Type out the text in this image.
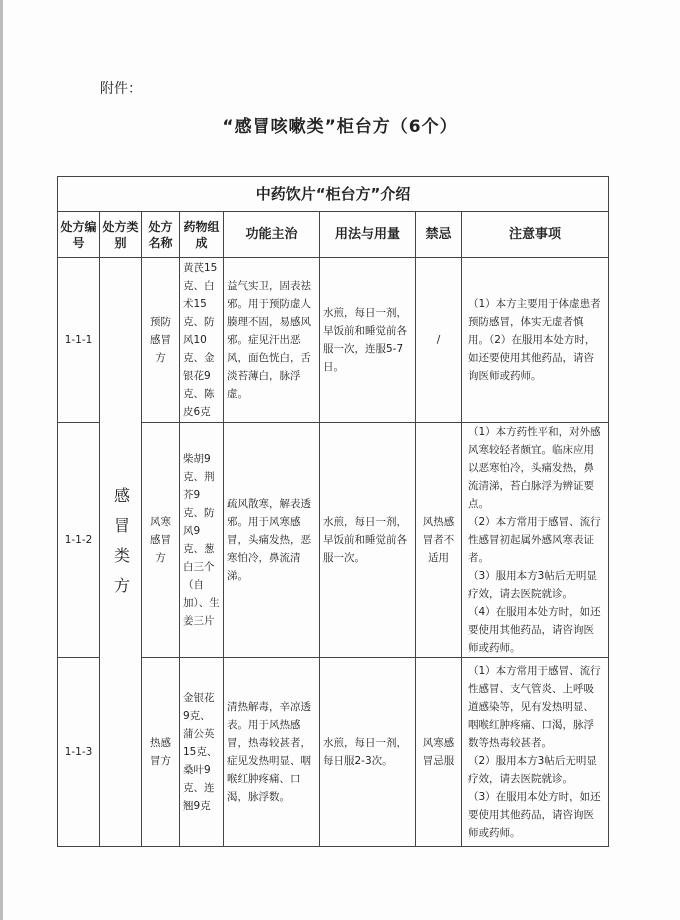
附件：
“感冒咳嗽类”柜台方（6个）
中药饮片“柜台方”介绍							
处方编号	处方类别	处方名称	药物组成	功能主治	用法与用量	禁忌	注意事项
1-1-1	感冒类方	预防感冒方	黄芪15克、白术15克、防风10克、金银花9克、陈皮6克	益气实卫，固表祛邪。用于预防虚人腠理不固，易感风邪。症见汗出恶风，面色恍白，舌淡苔薄白，脉浮虚。	水煎，每日一剂，早饭前和睡觉前各服一次，连服5-7日。	/	（1）本方主要用于体虚患者预防感冒，体实无虚者慎用。（2）在服用本处方时，如还要使用其他药品，请咨询医师或药师。

1-1-2		风寒感冒方	柴胡9克、荆芥9克、防风9克、葱白三个（自加）、生姜三片	疏风散寒，解表透邪。用于风寒感冒，头痛发热，恶寒怕冷，鼻流清涕。	水煎，每日一剂，早饭前和睡觉前各服一次。	风热感冒者不适用	（1）本方药性平和，对外感风寒较轻者颇宜。临床应用以恶寒怕冷，头痛发热，鼻流清涕，苔白脉浮为辨证要点。
（2）本方常用于感冒、流行性感冒初起属外感风寒表证者。
（3）服用本方3帖后无明显疗效，请去医院就诊。
（4）在服用本处方时，如还要使用其他药品，请咨询医师或药师。

1-1-3		热感冒方	金银花9克、蒲公英15克、桑叶9克、连翘9克	清热解毒，辛凉透表。用于风热感冒，热毒较甚者，症见发热明显、咽喉红肿疼痛、口渴，脉浮数。	水煎，每日一剂，每日服2-3次。	风寒感冒忌服	（1）本方常用于感冒、流行性感冒、支气管炎、上呼吸道感染等，见有发热明显、咽喉红肿疼痛、口渴，脉浮数等热毒较甚者。
（2）服用本方3帖后无明显疗效，请去医院就诊。
（3）在服用本处方时，如还要使用其他药品，请咨询医师或药师。
